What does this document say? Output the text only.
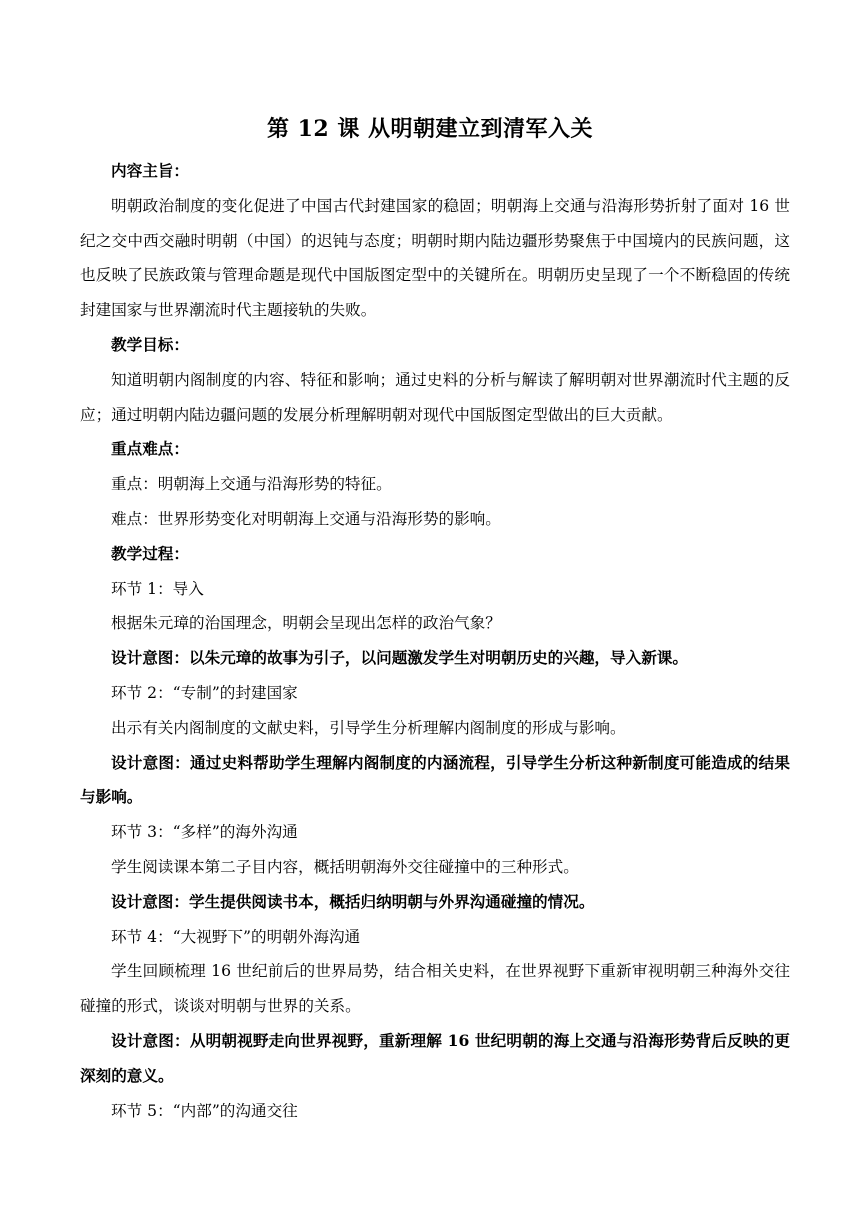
第 12 课 从明朝建立到清军入关

内容主旨：

明朝政治制度的变化促进了中国古代封建国家的稳固；明朝海上交通与沿海形势折射了面对 16 世纪之交中西交融时明朝（中国）的迟钝与态度；明朝时期内陆边疆形势聚焦于中国境内的民族问题，这也反映了民族政策与管理命题是现代中国版图定型中的关键所在。明朝历史呈现了一个不断稳固的传统封建国家与世界潮流时代主题接轨的失败。

教学目标：

知道明朝内阁制度的内容、特征和影响；通过史料的分析与解读了解明朝对世界潮流时代主题的反应；通过明朝内陆边疆问题的发展分析理解明朝对现代中国版图定型做出的巨大贡献。

重点难点：

重点：明朝海上交通与沿海形势的特征。

难点：世界形势变化对明朝海上交通与沿海形势的影响。

教学过程：

环节 1：导入

根据朱元璋的治国理念，明朝会呈现出怎样的政治气象？

设计意图：以朱元璋的故事为引子，以问题激发学生对明朝历史的兴趣，导入新课。

环节 2：“专制”的封建国家

出示有关内阁制度的文献史料，引导学生分析理解内阁制度的形成与影响。

设计意图：通过史料帮助学生理解内阁制度的内涵流程，引导学生分析这种新制度可能造成的结果与影响。

环节 3：“多样”的海外沟通

学生阅读课本第二子目内容，概括明朝海外交往碰撞中的三种形式。

设计意图：学生提供阅读书本，概括归纳明朝与外界沟通碰撞的情况。

环节 4：“大视野下”的明朝外海沟通

学生回顾梳理 16 世纪前后的世界局势，结合相关史料，在世界视野下重新审视明朝三种海外交往碰撞的形式，谈谈对明朝与世界的关系。

设计意图：从明朝视野走向世界视野，重新理解 16 世纪明朝的海上交通与沿海形势背后反映的更深刻的意义。

环节 5：“内部”的沟通交往
